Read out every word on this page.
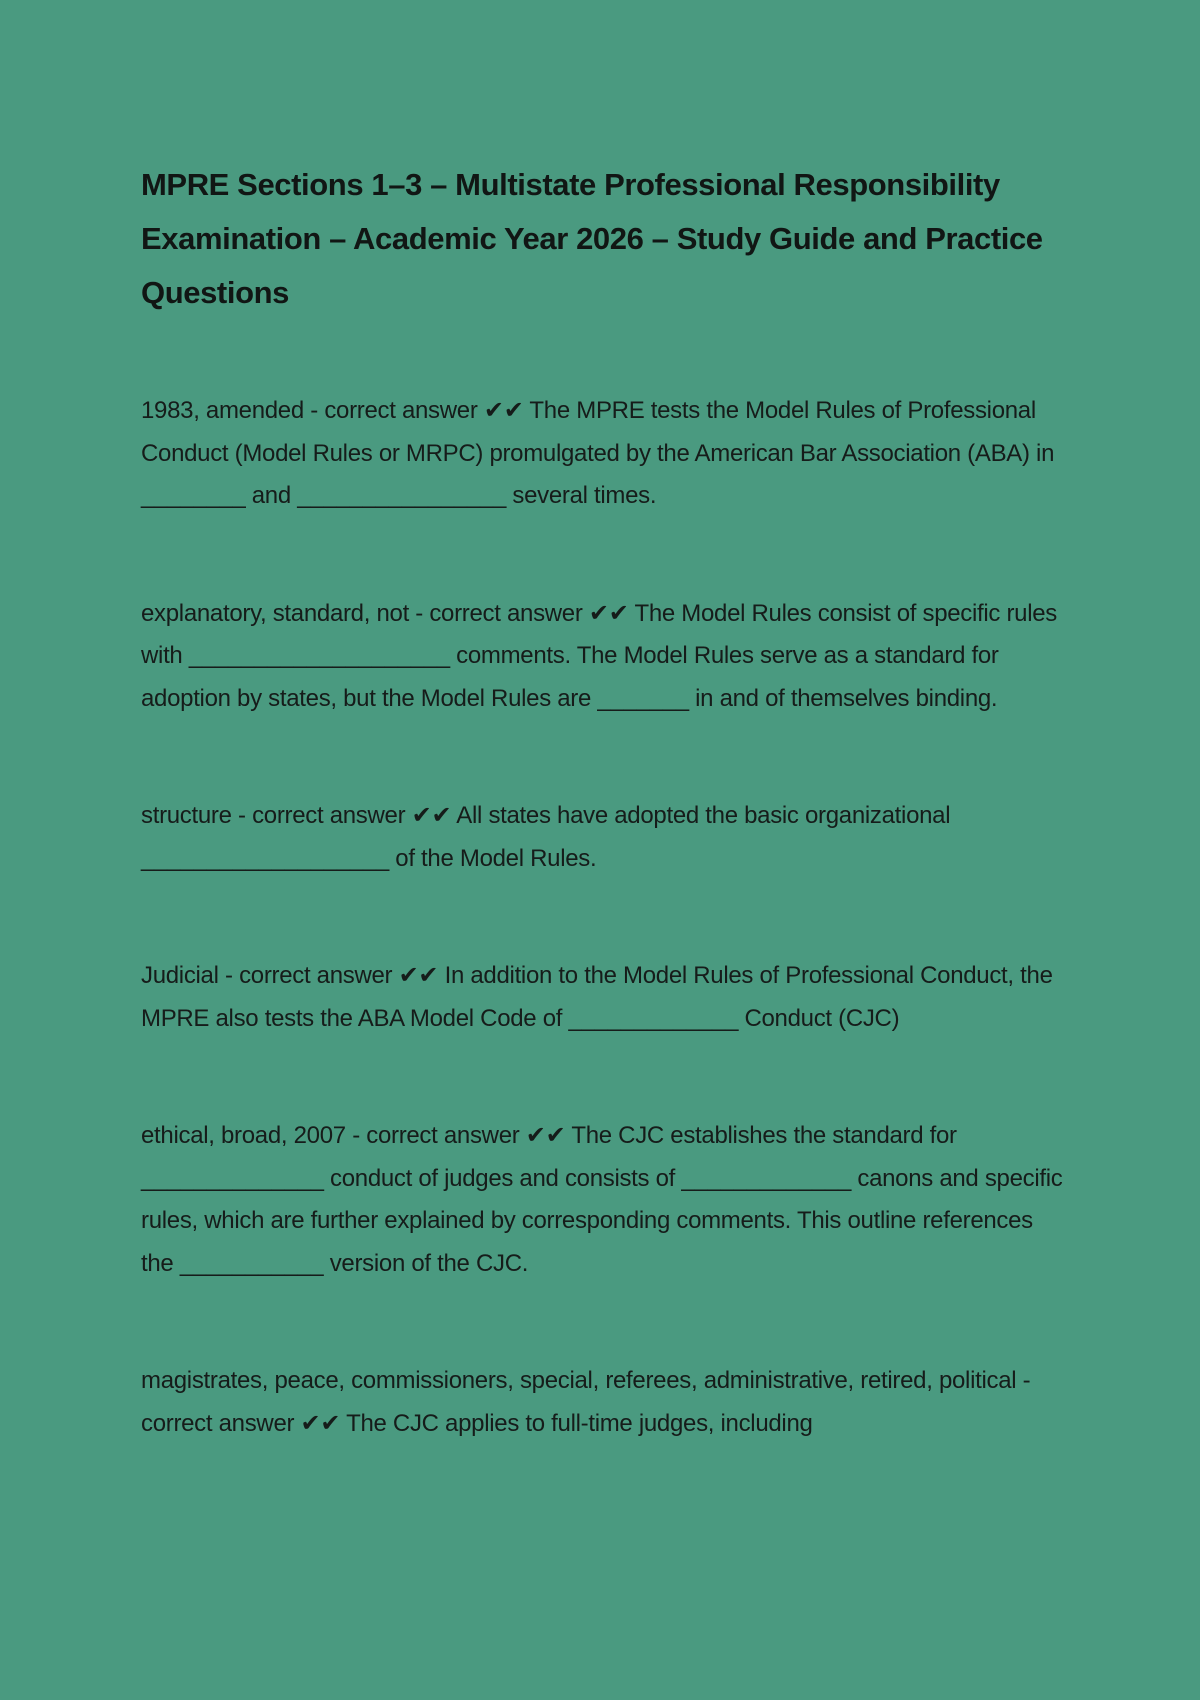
MPRE Sections 1–3 – Multistate Professional Responsibility Examination – Academic Year 2026 – Study Guide and Practice Questions

1983, amended - correct answer ✔✔ The MPRE tests the Model Rules of Professional Conduct (Model Rules or MRPC) promulgated by the American Bar Association (ABA) in ________ and ________________ several times.

explanatory, standard, not - correct answer ✔✔ The Model Rules consist of specific rules with ____________________ comments. The Model Rules serve as a standard for adoption by states, but the Model Rules are _______ in and of themselves binding.

structure - correct answer ✔✔ All states have adopted the basic organizational ___________________ of the Model Rules.

Judicial - correct answer ✔✔ In addition to the Model Rules of Professional Conduct, the MPRE also tests the ABA Model Code of _____________ Conduct (CJC)

ethical, broad, 2007 - correct answer ✔✔ The CJC establishes the standard for ______________ conduct of judges and consists of _____________ canons and specific rules, which are further explained by corresponding comments. This outline references the ___________ version of the CJC.

magistrates, peace, commissioners, special, referees, administrative, retired, political - correct answer ✔✔ The CJC applies to full-time judges, including
